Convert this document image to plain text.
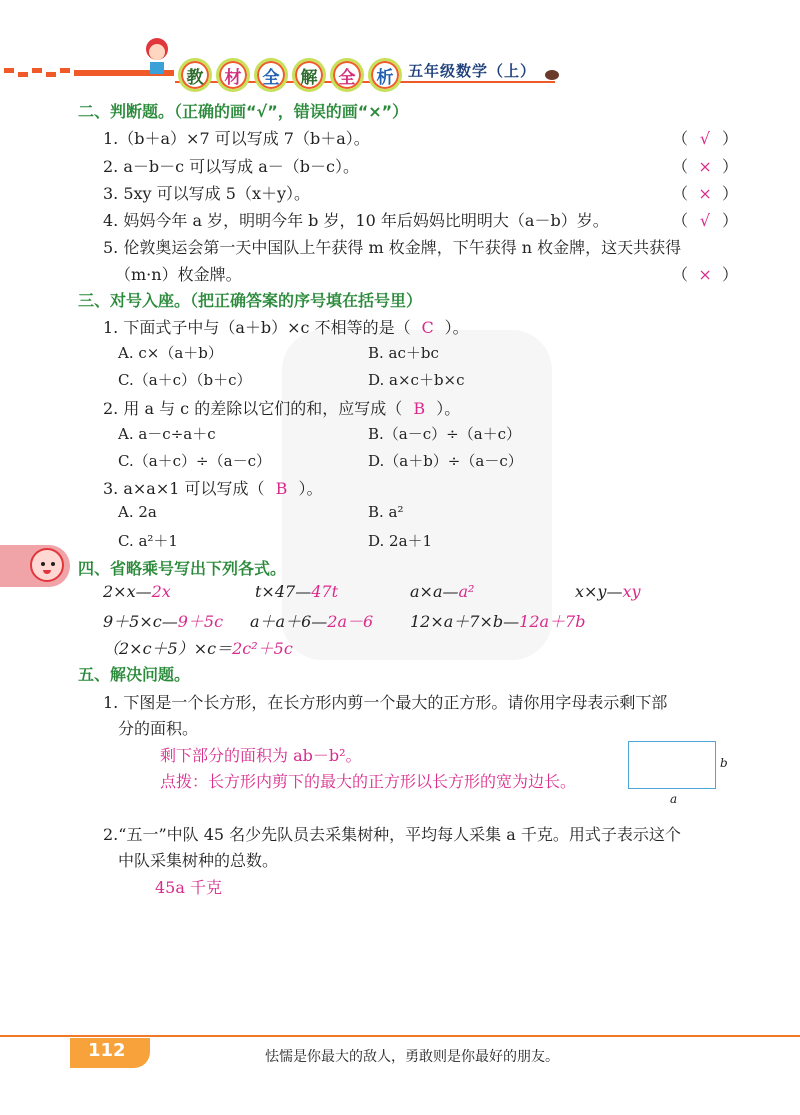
教	材	全	解	全	析 五年级数学（上）
二、判断题。（正确的画“√”，错误的画“×”）
1.（b＋a）×7 可以写成 7（b＋a）。	（ √ ）
2. a－b－c 可以写成 a－（b－c）。	（ × ）
3. 5xy 可以写成 5（x＋y）。	（ × ）
4. 妈妈今年 a 岁，明明今年 b 岁，10 年后妈妈比明明大（a－b）岁。	（ √ ）
5. 伦敦奥运会第一天中国队上午获得 m 枚金牌，下午获得 n 枚金牌，这天共获得
（m·n）枚金牌。	（ × ）
三、对号入座。（把正确答案的序号填在括号里）
1. 下面式子中与（a＋b）×c 不相等的是（ C ）。
A. c×（a＋b）	B. ac＋bc
C.（a＋c）（b＋c）	D. a×c＋b×c
2. 用 a 与 c 的差除以它们的和，应写成（ B ）。
A. a－c÷a＋c	B.（a－c）÷（a＋c）
C.（a＋c）÷（a－c）	D.（a＋b）÷（a－c）
3. a×a×1 可以写成（ B ）。
A. 2a	B. a²
C. a²＋1	D. 2a＋1
四、省略乘号写出下列各式。
2×x—2x	t×47—47t	a×a—a²	x×y—xy
9＋5×c—9＋5c a＋a＋6—2a－6 12×a＋7×b—12a＋7b
（2×c＋5）×c＝2c²＋5c
五、解决问题。
1. 下图是一个长方形，在长方形内剪一个最大的正方形。请你用字母表示剩下部
分的面积。
剩下部分的面积为 ab－b²。
点拨：长方形内剪下的最大的正方形以长方形的宽为边长。
b
a
2.“五一”中队 45 名少先队员去采集树种，平均每人采集 a 千克。用式子表示这个
中队采集树种的总数。
45a 千克
112	怯懦是你最大的敌人，勇敢则是你最好的朋友。
